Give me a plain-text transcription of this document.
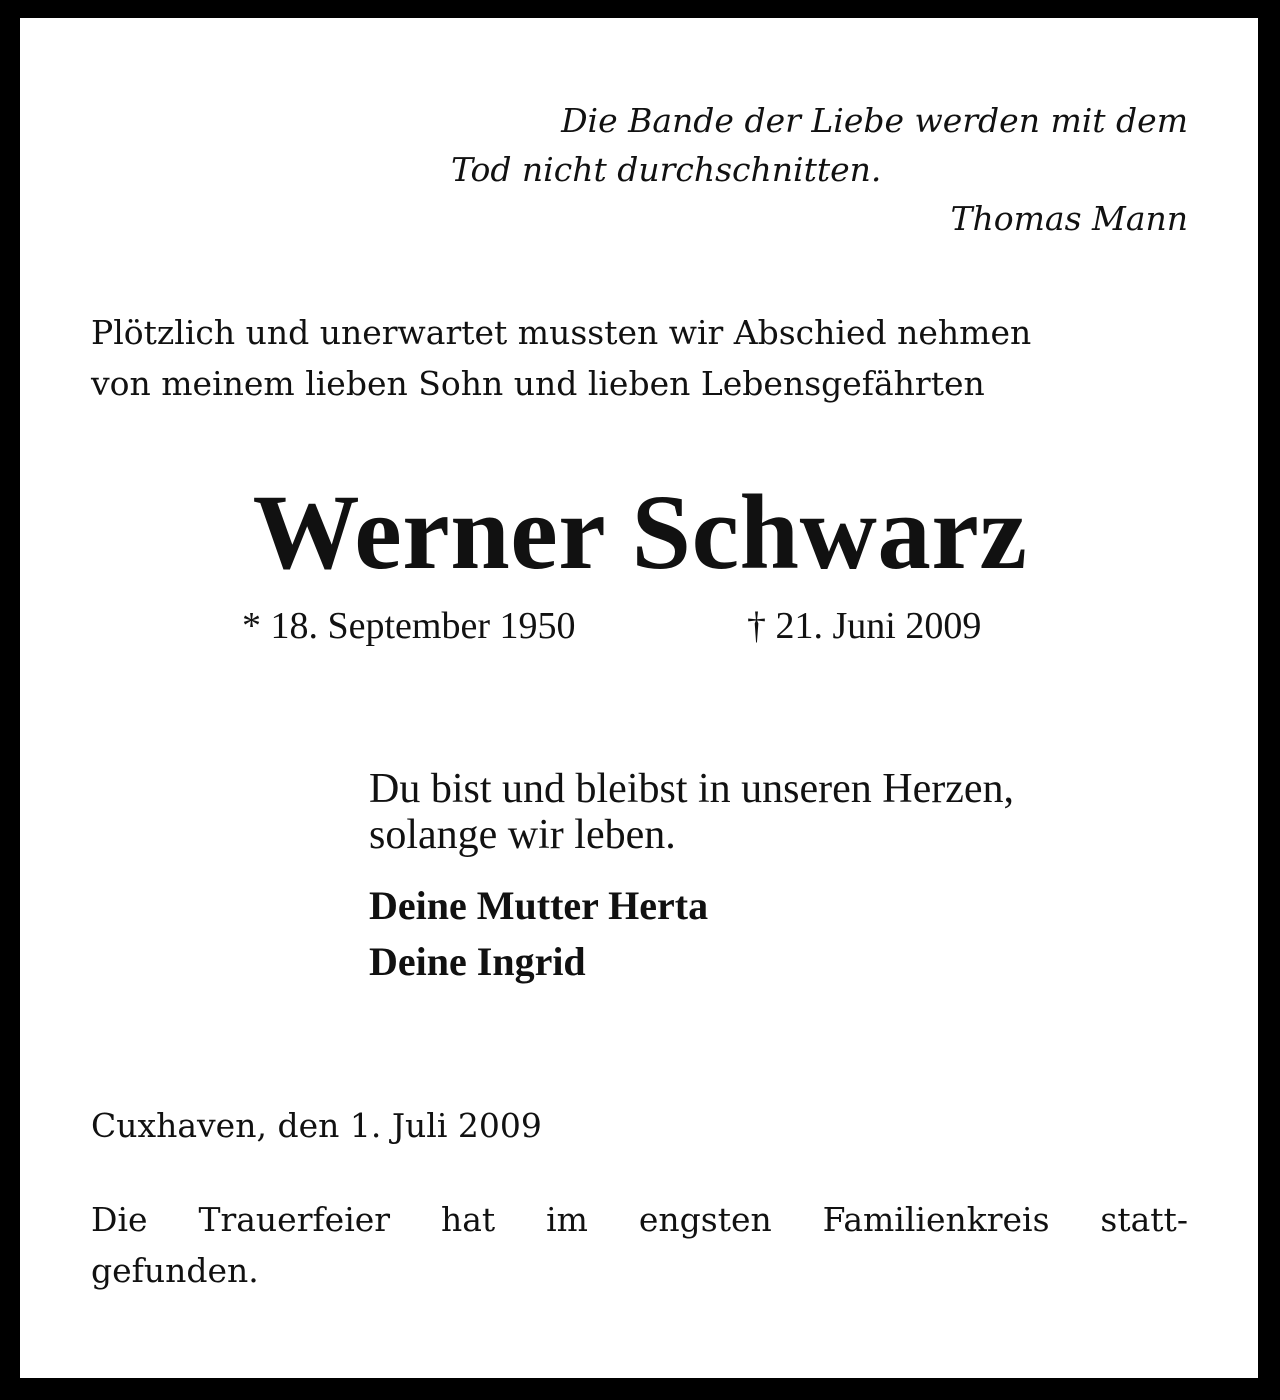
Die Bande der Liebe werden mit dem

Tod nicht durchschnitten.

Thomas Mann

Plötzlich und unerwartet mussten wir Abschied nehmen

von meinem lieben Sohn und lieben Lebensgefährten

Werner Schwarz

* 18. September 1950	† 21. Juni 2009

Du bist und bleibst in unseren Herzen,

solange wir leben.

Deine Mutter Herta

Deine Ingrid

Cuxhaven, den 1. Juli 2009

Die Trauerfeier hat im engsten Familienkreis statt-

gefunden.
